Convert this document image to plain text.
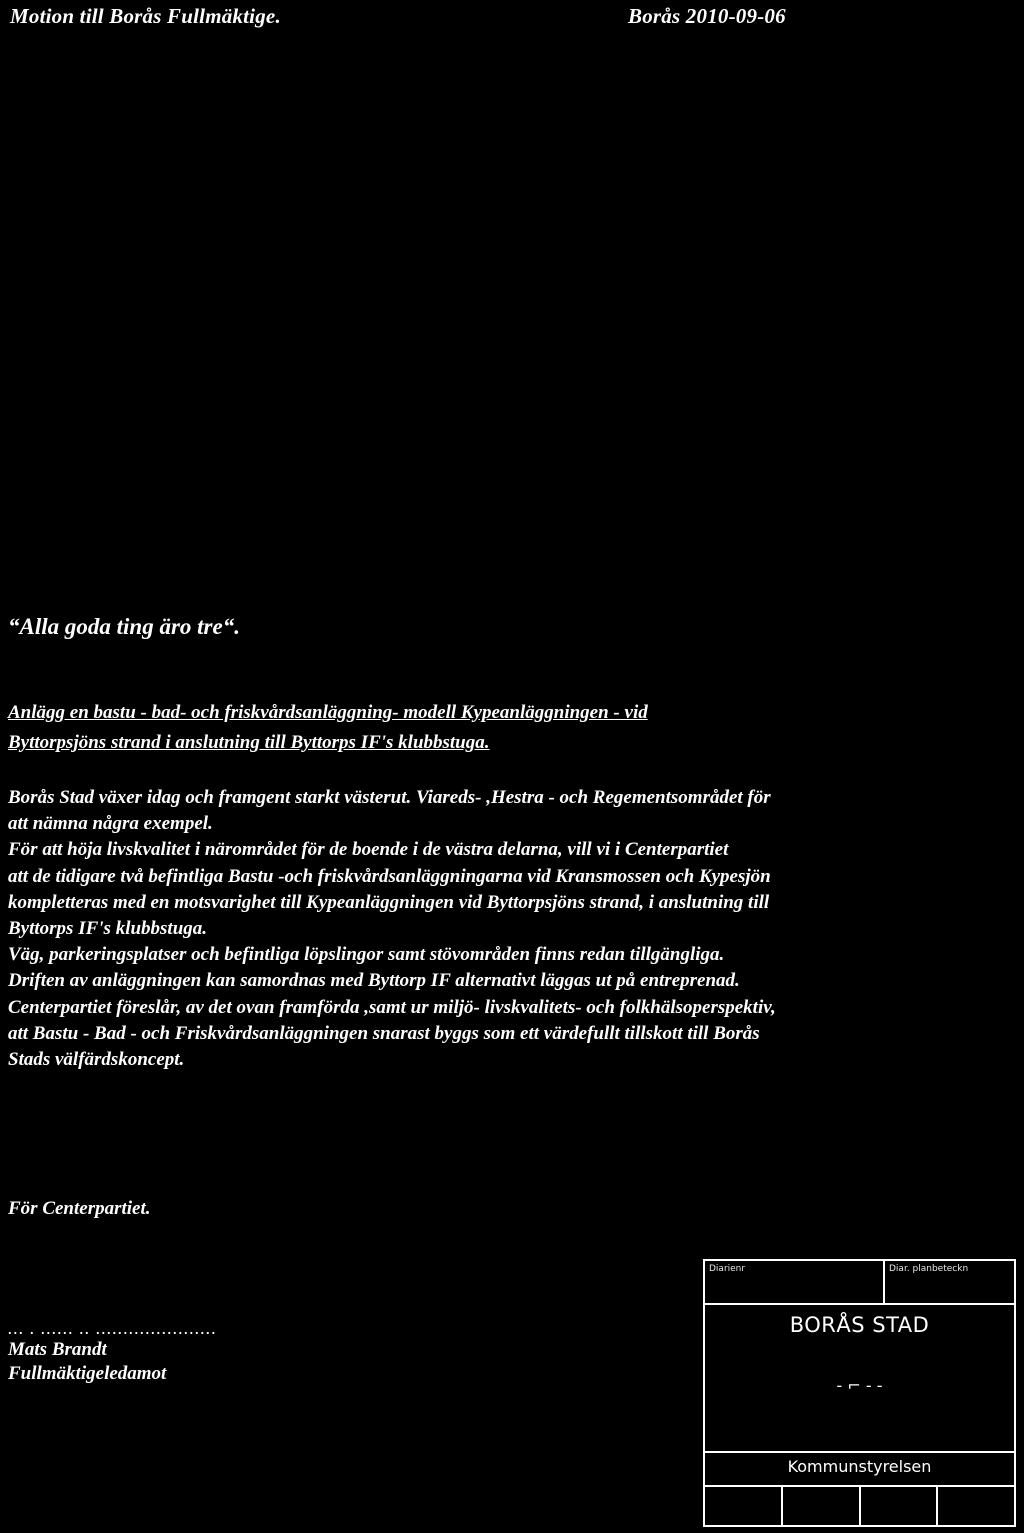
Motion till Borås Fullmäktige.	Borås 2010-09-06
“Alla goda ting äro tre“.
Anlägg en bastu - bad- och friskvårdsanläggning- modell Kypeanläggningen - vid
Byttorpsjöns strand i anslutning till Byttorps IF's klubbstuga.
Borås Stad växer idag och framgent starkt västerut. Viareds- ,Hestra - och Regementsområdet för
att nämna några exempel.
För att höja livskvalitet i närområdet för de boende i de västra delarna, vill vi i Centerpartiet
att de tidigare två befintliga Bastu -och friskvårdsanläggningarna vid Kransmossen och Kypesjön
kompletteras med en motsvarighet till Kypeanläggningen vid Byttorpsjöns strand, i anslutning till
Byttorps IF's klubbstuga.
Väg, parkeringsplatser och befintliga löpslingor samt stövområden finns redan tillgängliga.
Driften av anläggningen kan samordnas med Byttorp IF alternativt läggas ut på entreprenad.
Centerpartiet föreslår, av det ovan framförda ,samt ur miljö- livskvalitets- och folkhälsoperspektiv,
att Bastu - Bad - och Friskvårdsanläggningen snarast byggs som ett värdefullt tillskott till Borås
Stads välfärdskoncept.
För Centerpartiet.
... . ...... .. ......................
Mats Brandt
Fullmäktigeledamot
Diarienr	Diar. planbeteckn
BORÅS STAD
- ⌐ - -
Kommunstyrelsen
